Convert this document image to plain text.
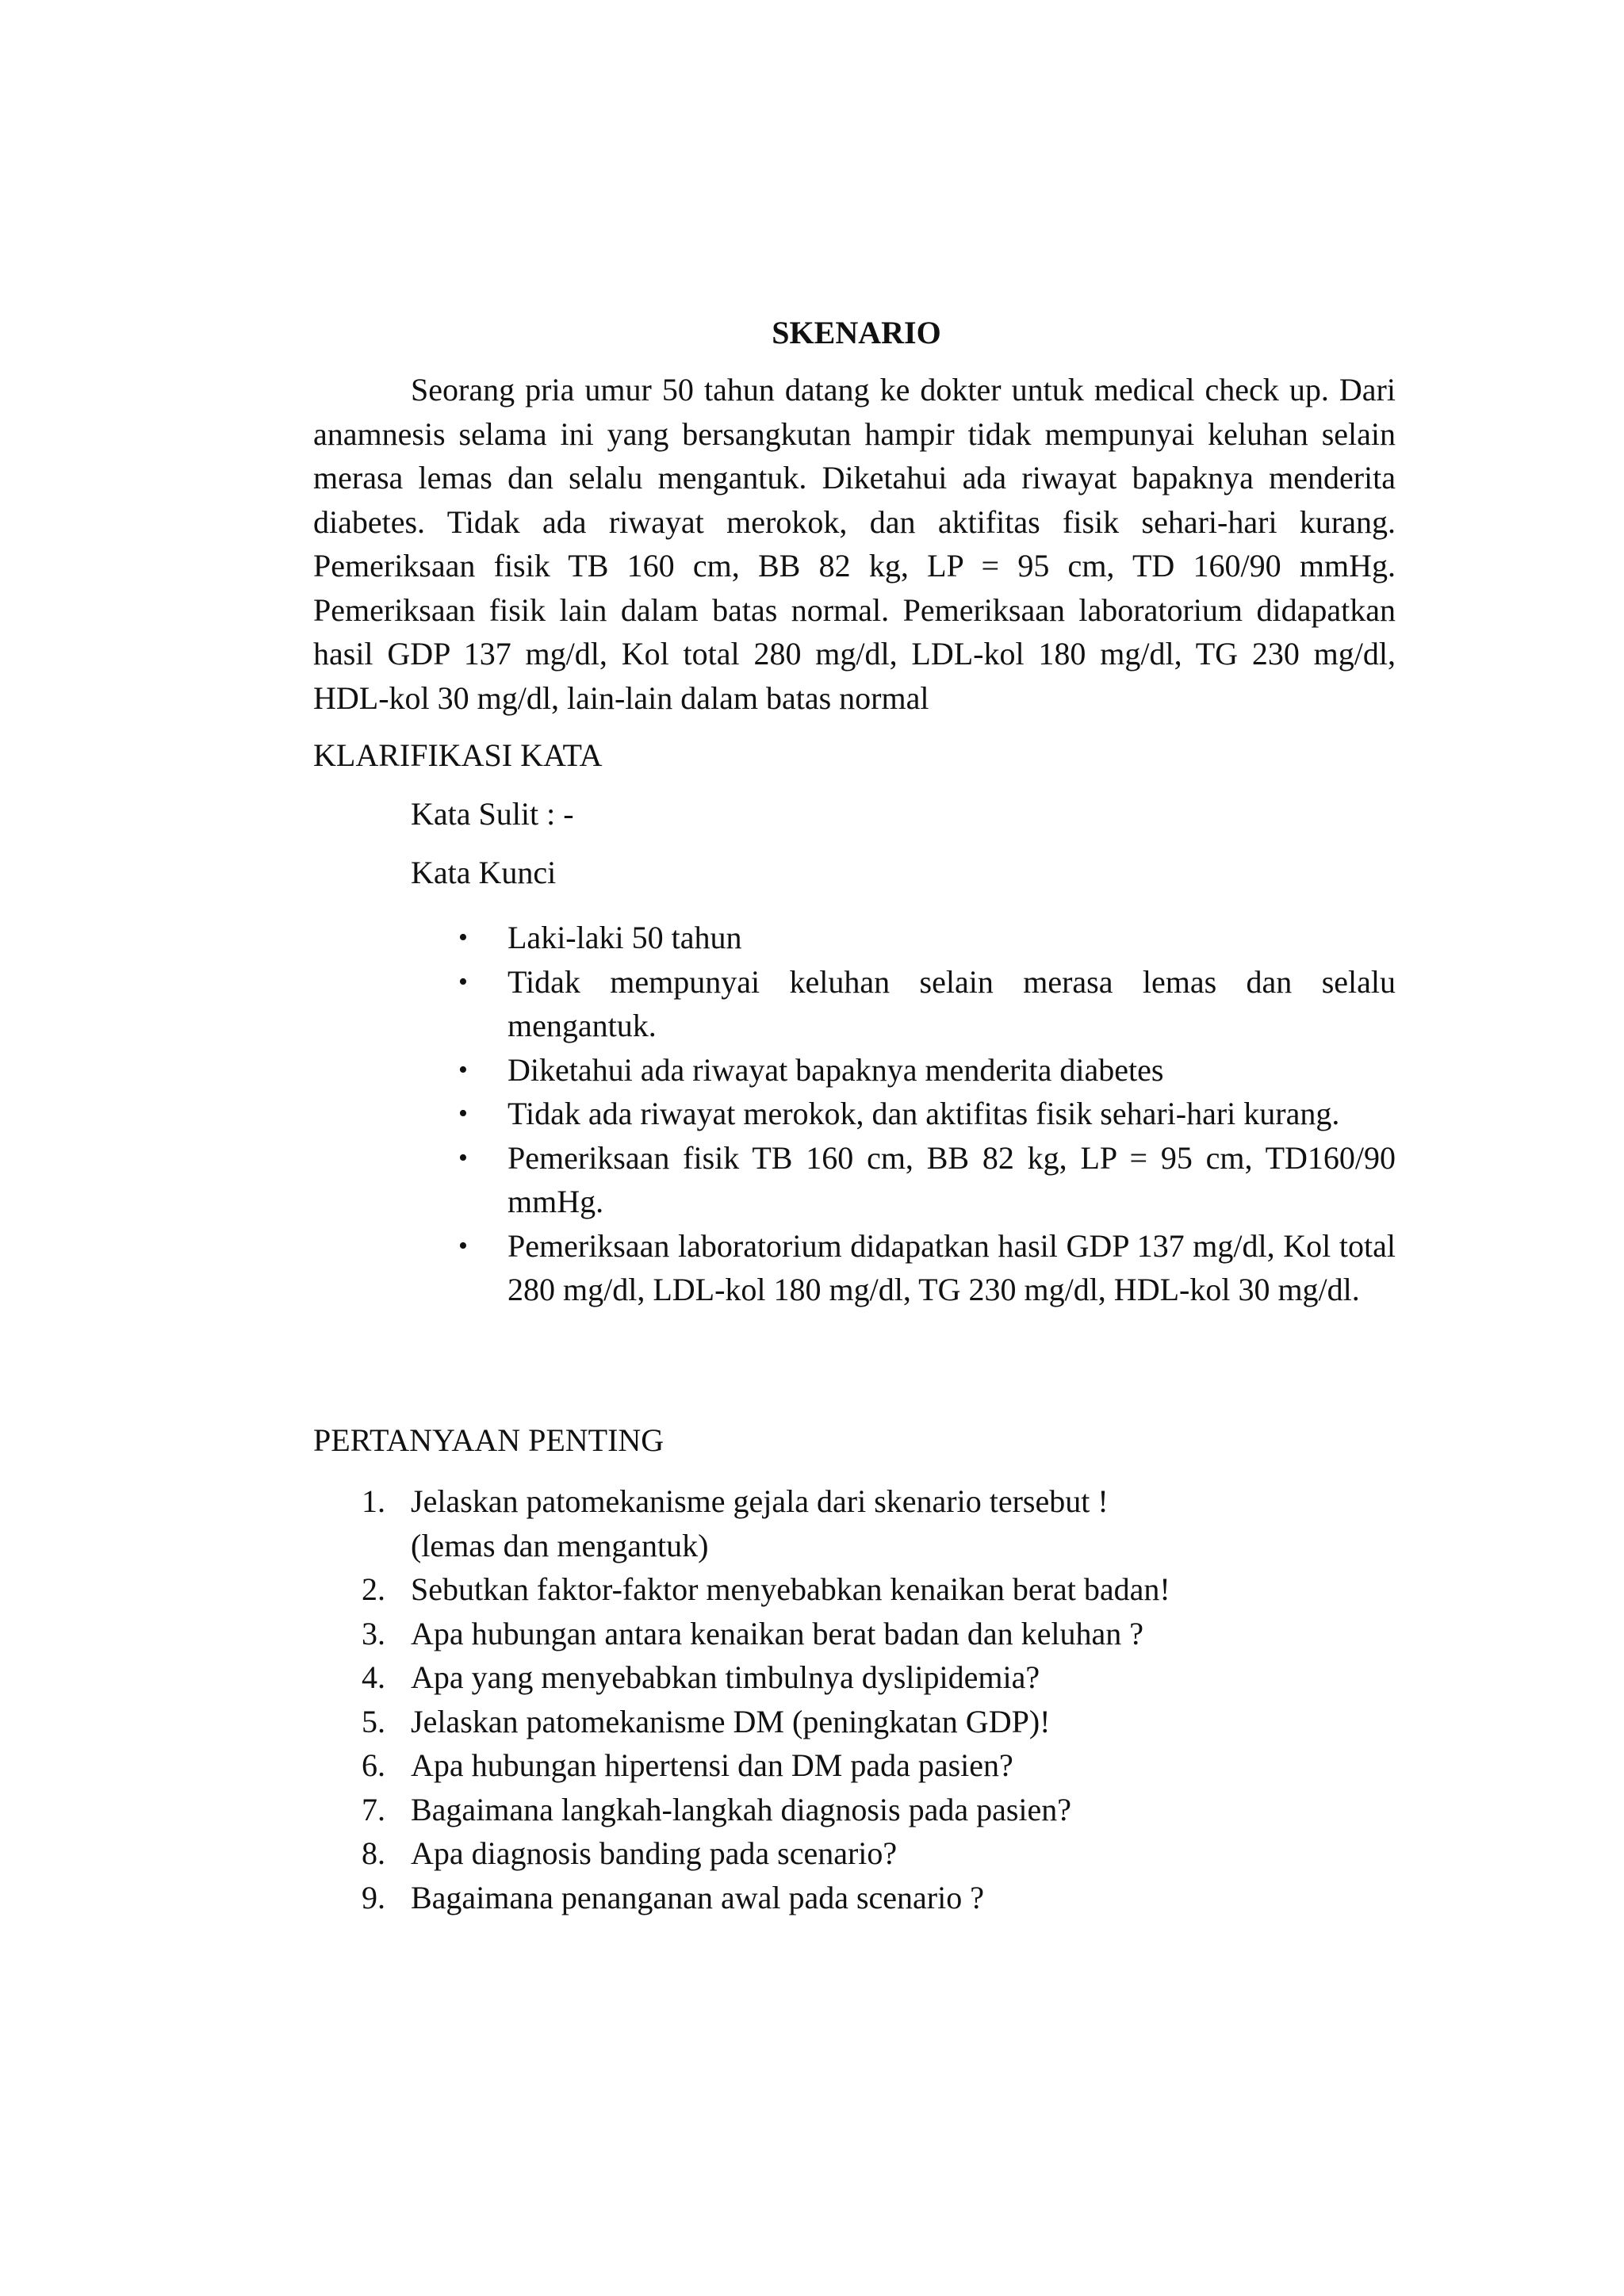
SKENARIO

Seorang pria umur 50 tahun datang ke dokter untuk medical check up. Dari anamnesis selama ini yang bersangkutan hampir tidak mempunyai keluhan selain merasa lemas dan selalu mengantuk. Diketahui ada riwayat bapaknya menderita diabetes. Tidak ada riwayat merokok, dan aktifitas fisik sehari-hari kurang. Pemeriksaan fisik TB 160 cm, BB 82 kg, LP = 95 cm, TD 160/90 mmHg. Pemeriksaan fisik lain dalam batas normal. Pemeriksaan laboratorium didapatkan hasil GDP 137 mg/dl, Kol total 280 mg/dl, LDL-kol 180 mg/dl, TG 230 mg/dl, HDL-kol 30 mg/dl, lain-lain dalam batas normal

KLARIFIKASI KATA

Kata Sulit : -

Kata Kunci

• Laki-laki 50 tahun
• Tidak mempunyai keluhan selain merasa lemas dan selalu mengantuk.
• Diketahui ada riwayat bapaknya menderita diabetes
• Tidak ada riwayat merokok, dan aktifitas fisik sehari-hari kurang.
• Pemeriksaan fisik TB 160 cm, BB 82 kg, LP = 95 cm, TD160/90 mmHg.
• Pemeriksaan laboratorium didapatkan hasil GDP 137 mg/dl, Kol total 280 mg/dl, LDL-kol 180 mg/dl, TG 230 mg/dl, HDL-kol 30 mg/dl.

PERTANYAAN PENTING

1. Jelaskan patomekanisme gejala dari skenario tersebut !
(lemas dan mengantuk)
2. Sebutkan faktor-faktor menyebabkan kenaikan berat badan!
3. Apa hubungan antara kenaikan berat badan dan keluhan ?
4. Apa yang menyebabkan timbulnya dyslipidemia?
5. Jelaskan patomekanisme DM (peningkatan GDP)!
6. Apa hubungan hipertensi dan DM pada pasien?
7. Bagaimana langkah-langkah diagnosis pada pasien?
8. Apa diagnosis banding pada scenario?
9. Bagaimana penanganan awal pada scenario ?
